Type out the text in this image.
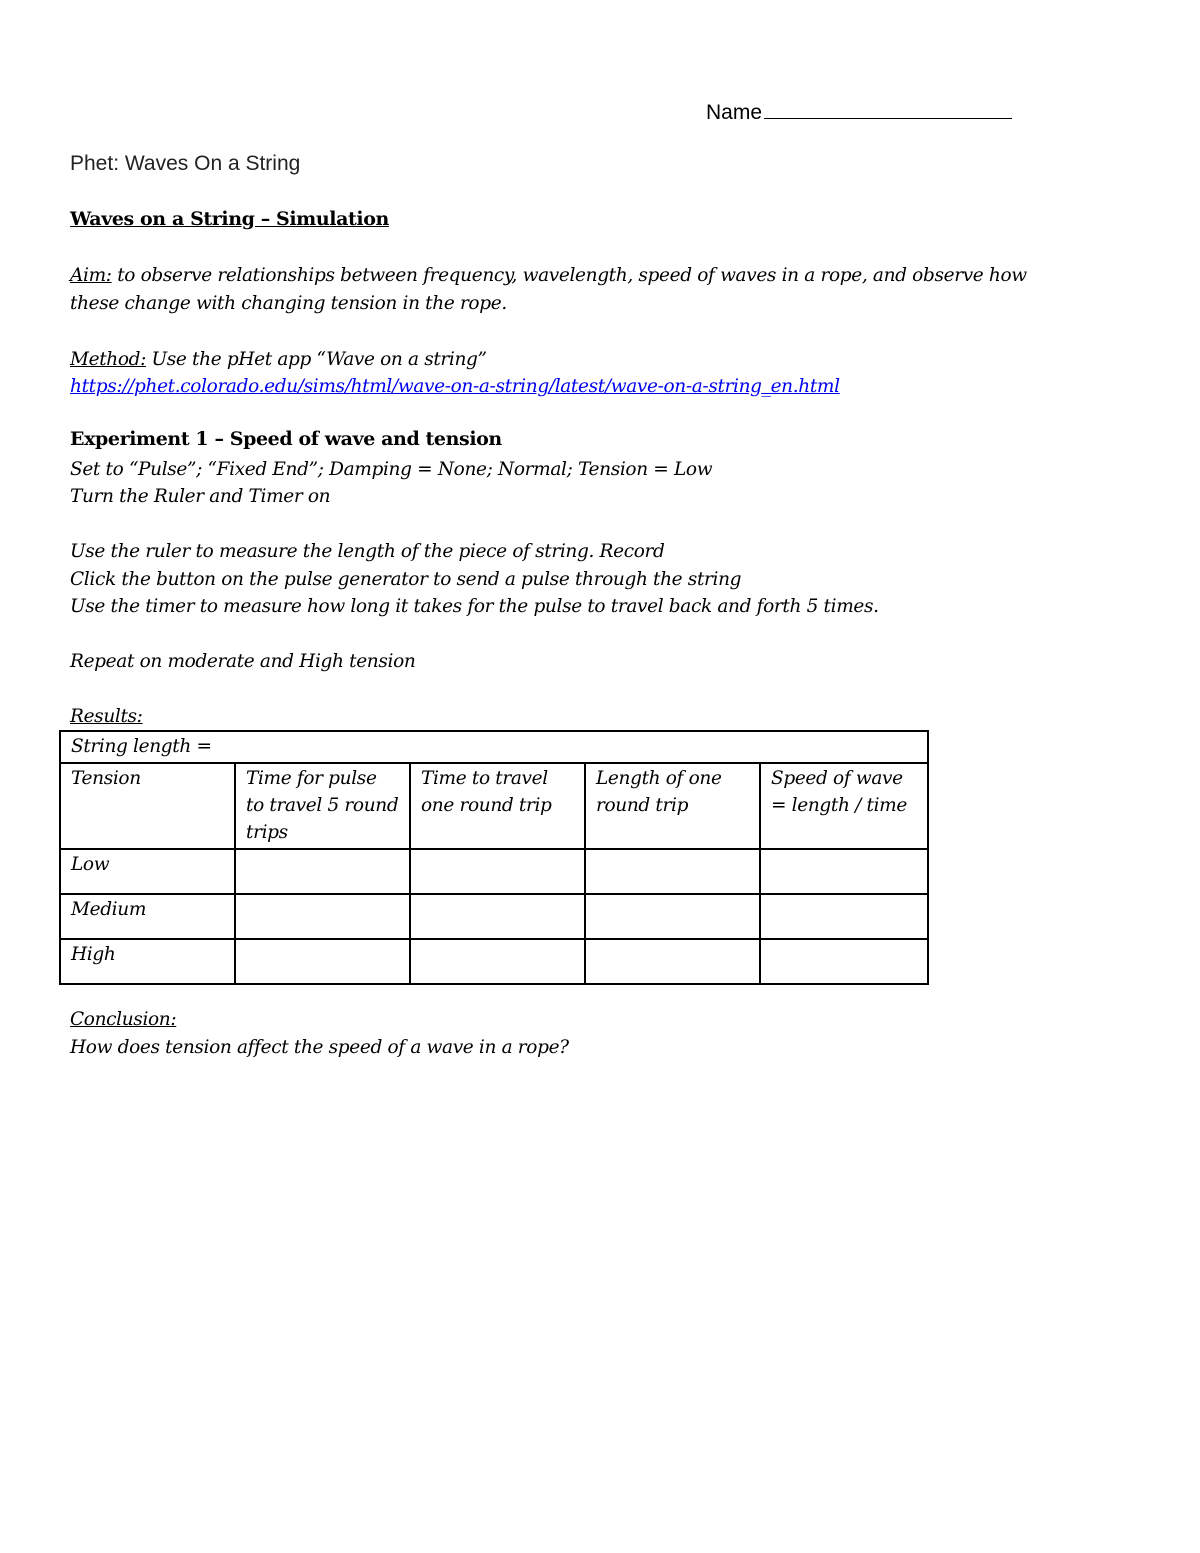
Name
Phet: Waves On a String
Waves on a String – Simulation
Aim: to observe relationships between frequency, wavelength, speed of waves in a rope, and observe how
these change with changing tension in the rope.
Method: Use the pHet app “Wave on a string”
https://phet.colorado.edu/sims/html/wave-on-a-string/latest/wave-on-a-string_en.html
Experiment 1 – Speed of wave and tension
Set to “Pulse”; “Fixed End”; Damping = None; Normal; Tension = Low
Turn the Ruler and Timer on
Use the ruler to measure the length of the piece of string. Record
Click the button on the pulse generator to send a pulse through the string
Use the timer to measure how long it takes for the pulse to travel back and forth 5 times.
Repeat on moderate and High tension
Results:
String length =				
Tension	Time for pulse to travel 5 round trips	Time to travel one round trip	Length of one round trip	Speed of wave = length / time
Low				
Medium				
High				
Conclusion:
How does tension affect the speed of a wave in a rope?
